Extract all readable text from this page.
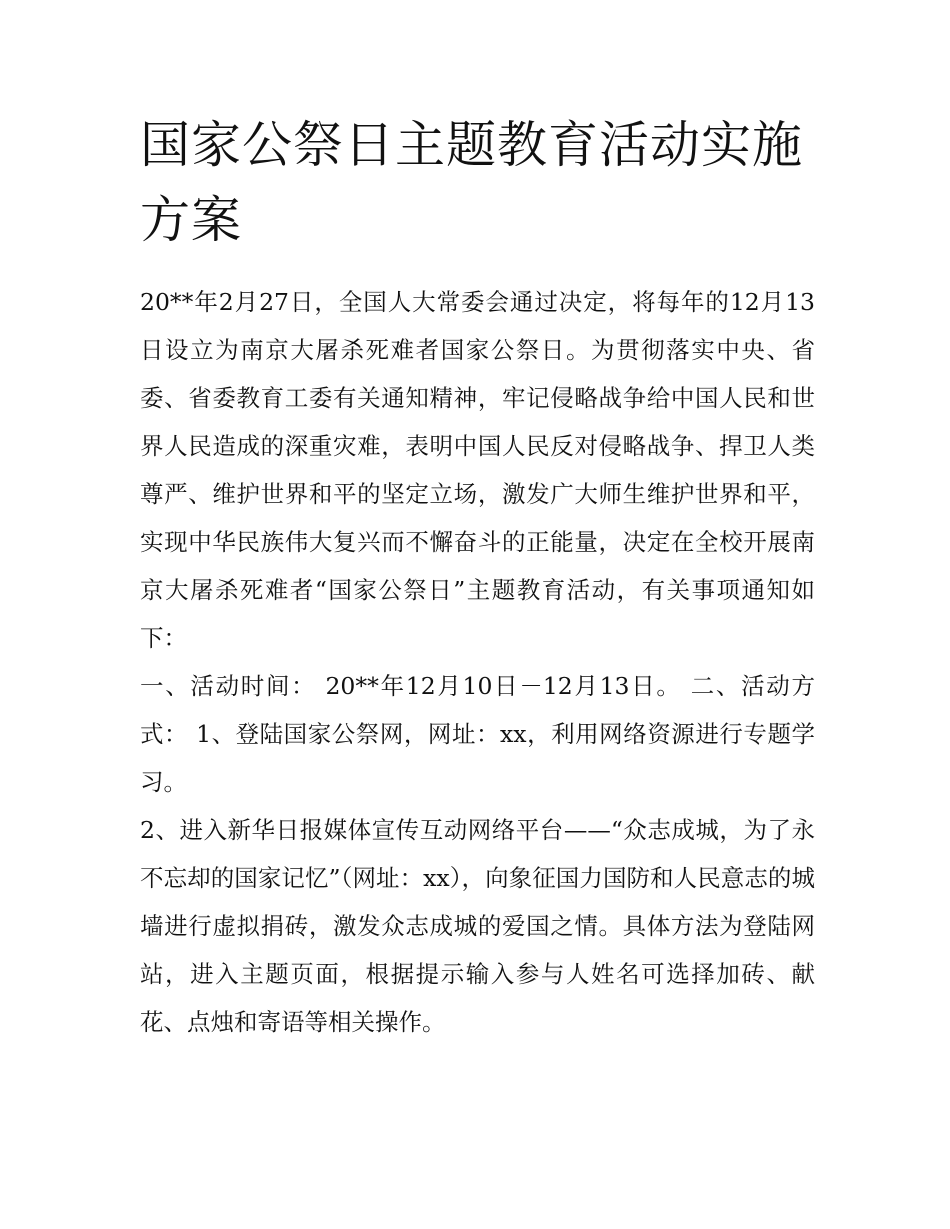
国家公祭日主题教育活动实施方案

20**年2月27日，全国人大常委会通过决定，将每年的12月13日设立为南京大屠杀死难者国家公祭日。为贯彻落实中央、省委、省委教育工委有关通知精神，牢记侵略战争给中国人民和世界人民造成的深重灾难，表明中国人民反对侵略战争、捍卫人类尊严、维护世界和平的坚定立场，激发广大师生维护世界和平，实现中华民族伟大复兴而不懈奋斗的正能量，决定在全校开展南京大屠杀死难者“国家公祭日”主题教育活动，有关事项通知如下：

一、活动时间： 20**年12月10日－12月13日。 二、活动方式： 1、登陆国家公祭网，网址：xx，利用网络资源进行专题学习。

2、进入新华日报媒体宣传互动网络平台——“众志成城，为了永不忘却的国家记忆”（网址：xx），向象征国力国防和人民意志的城墙进行虚拟捐砖，激发众志成城的爱国之情。具体方法为登陆网站，进入主题页面，根据提示输入参与人姓名可选择加砖、献花、点烛和寄语等相关操作。
